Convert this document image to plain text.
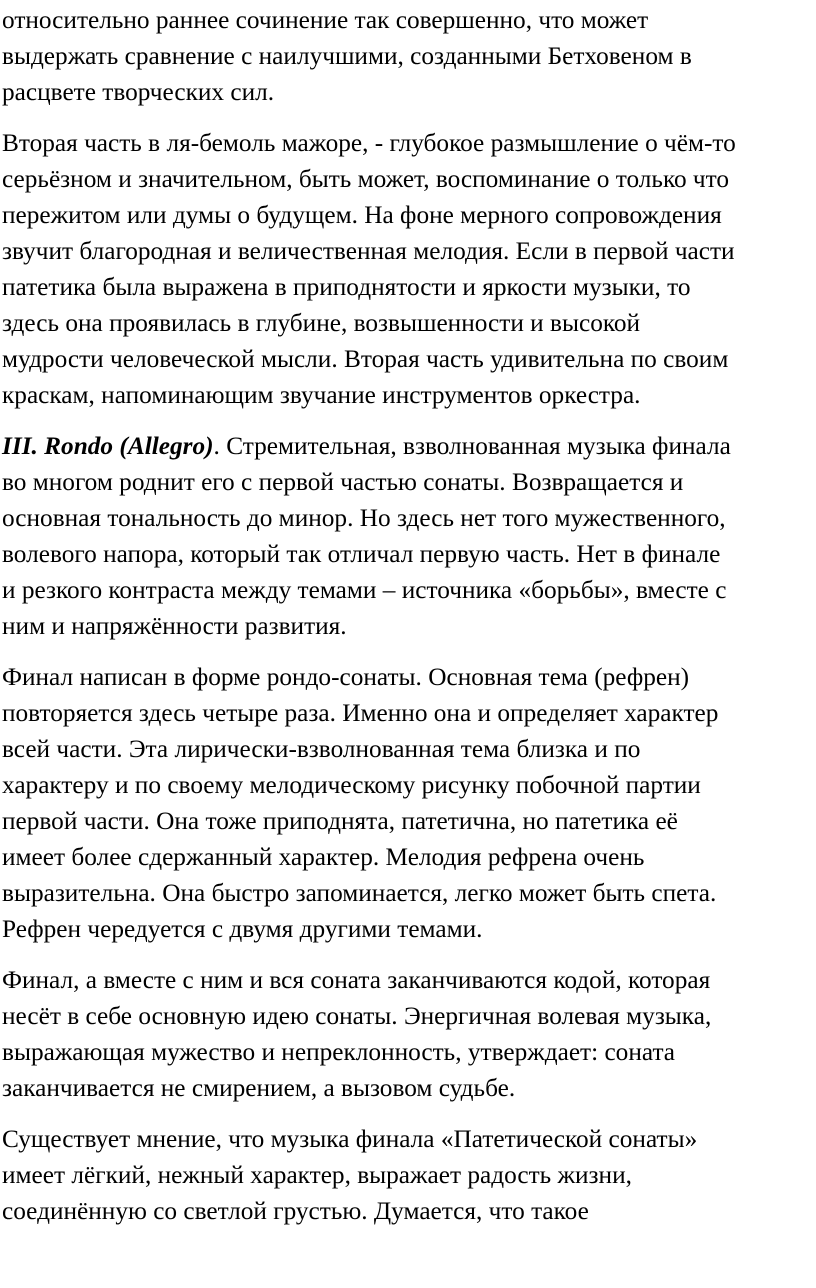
относительно раннее сочинение так совершенно, что может
выдержать сравнение с наилучшими, созданными Бетховеном в
расцвете творческих сил.

Вторая часть в ля-бемоль мажоре, - глубокое размышление о чём-то
серьёзном и значительном, быть может, воспоминание о только что
пережитом или думы о будущем. На фоне мерного сопровождения
звучит благородная и величественная мелодия. Если в первой части
патетика была выражена в приподнятости и яркости музыки, то
здесь она проявилась в глубине, возвышенности и высокой
мудрости человеческой мысли. Вторая часть удивительна по своим
краскам, напоминающим звучание инструментов оркестра.

III. Rondo (Allegro). Стремительная, взволнованная музыка финала
во многом роднит его с первой частью сонаты. Возвращается и
основная тональность до минор. Но здесь нет того мужественного,
волевого напора, который так отличал первую часть. Нет в финале
и резкого контраста между темами – источника «борьбы», вместе с
ним и напряжённости развития.

Финал написан в форме рондо-сонаты. Основная тема (рефрен)
повторяется здесь четыре раза. Именно она и определяет характер
всей части. Эта лирически-взволнованная тема близка и по
характеру и по своему мелодическому рисунку побочной партии
первой части. Она тоже приподнята, патетична, но патетика её
имеет более сдержанный характер. Мелодия рефрена очень
выразительна. Она быстро запоминается, легко может быть спета.
Рефрен чередуется с двумя другими темами.

Финал, а вместе с ним и вся соната заканчиваются кодой, которая
несёт в себе основную идею сонаты. Энергичная волевая музыка,
выражающая мужество и непреклонность, утверждает: соната
заканчивается не смирением, а вызовом судьбе.

Существует мнение, что музыка финала «Патетической сонаты»
имеет лёгкий, нежный характер, выражает радость жизни,
соединённую со светлой грустью. Думается, что такое
